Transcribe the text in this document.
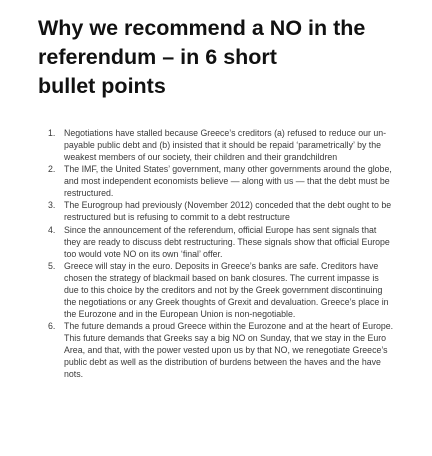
Why we recommend a NO in the
referendum – in 6 short
bullet points
1. Negotiations have stalled because Greece’s creditors (a) refused to reduce our un-
payable public debt and (b) insisted that it should be repaid ‘parametrically’ by the
weakest members of our society, their children and their grandchildren
2. The IMF, the United States’ government, many other governments around the globe,
and most independent economists believe — along with us — that the debt must be
restructured.
3. The Eurogroup had previously (November 2012) conceded that the debt ought to be
restructured but is refusing to commit to a debt restructure
4. Since the announcement of the referendum, official Europe has sent signals that
they are ready to discuss debt restructuring. These signals show that official Europe
too would vote NO on its own ‘final’ offer.
5. Greece will stay in the euro. Deposits in Greece’s banks are safe. Creditors have
chosen the strategy of blackmail based on bank closures. The current impasse is
due to this choice by the creditors and not by the Greek government discontinuing
the negotiations or any Greek thoughts of Grexit and devaluation. Greece’s place in
the Eurozone and in the European Union is non-negotiable.
6. The future demands a proud Greece within the Eurozone and at the heart of Europe.
This future demands that Greeks say a big NO on Sunday, that we stay in the Euro
Area, and that, with the power vested upon us by that NO, we renegotiate Greece’s
public debt as well as the distribution of burdens between the haves and the have
nots.
